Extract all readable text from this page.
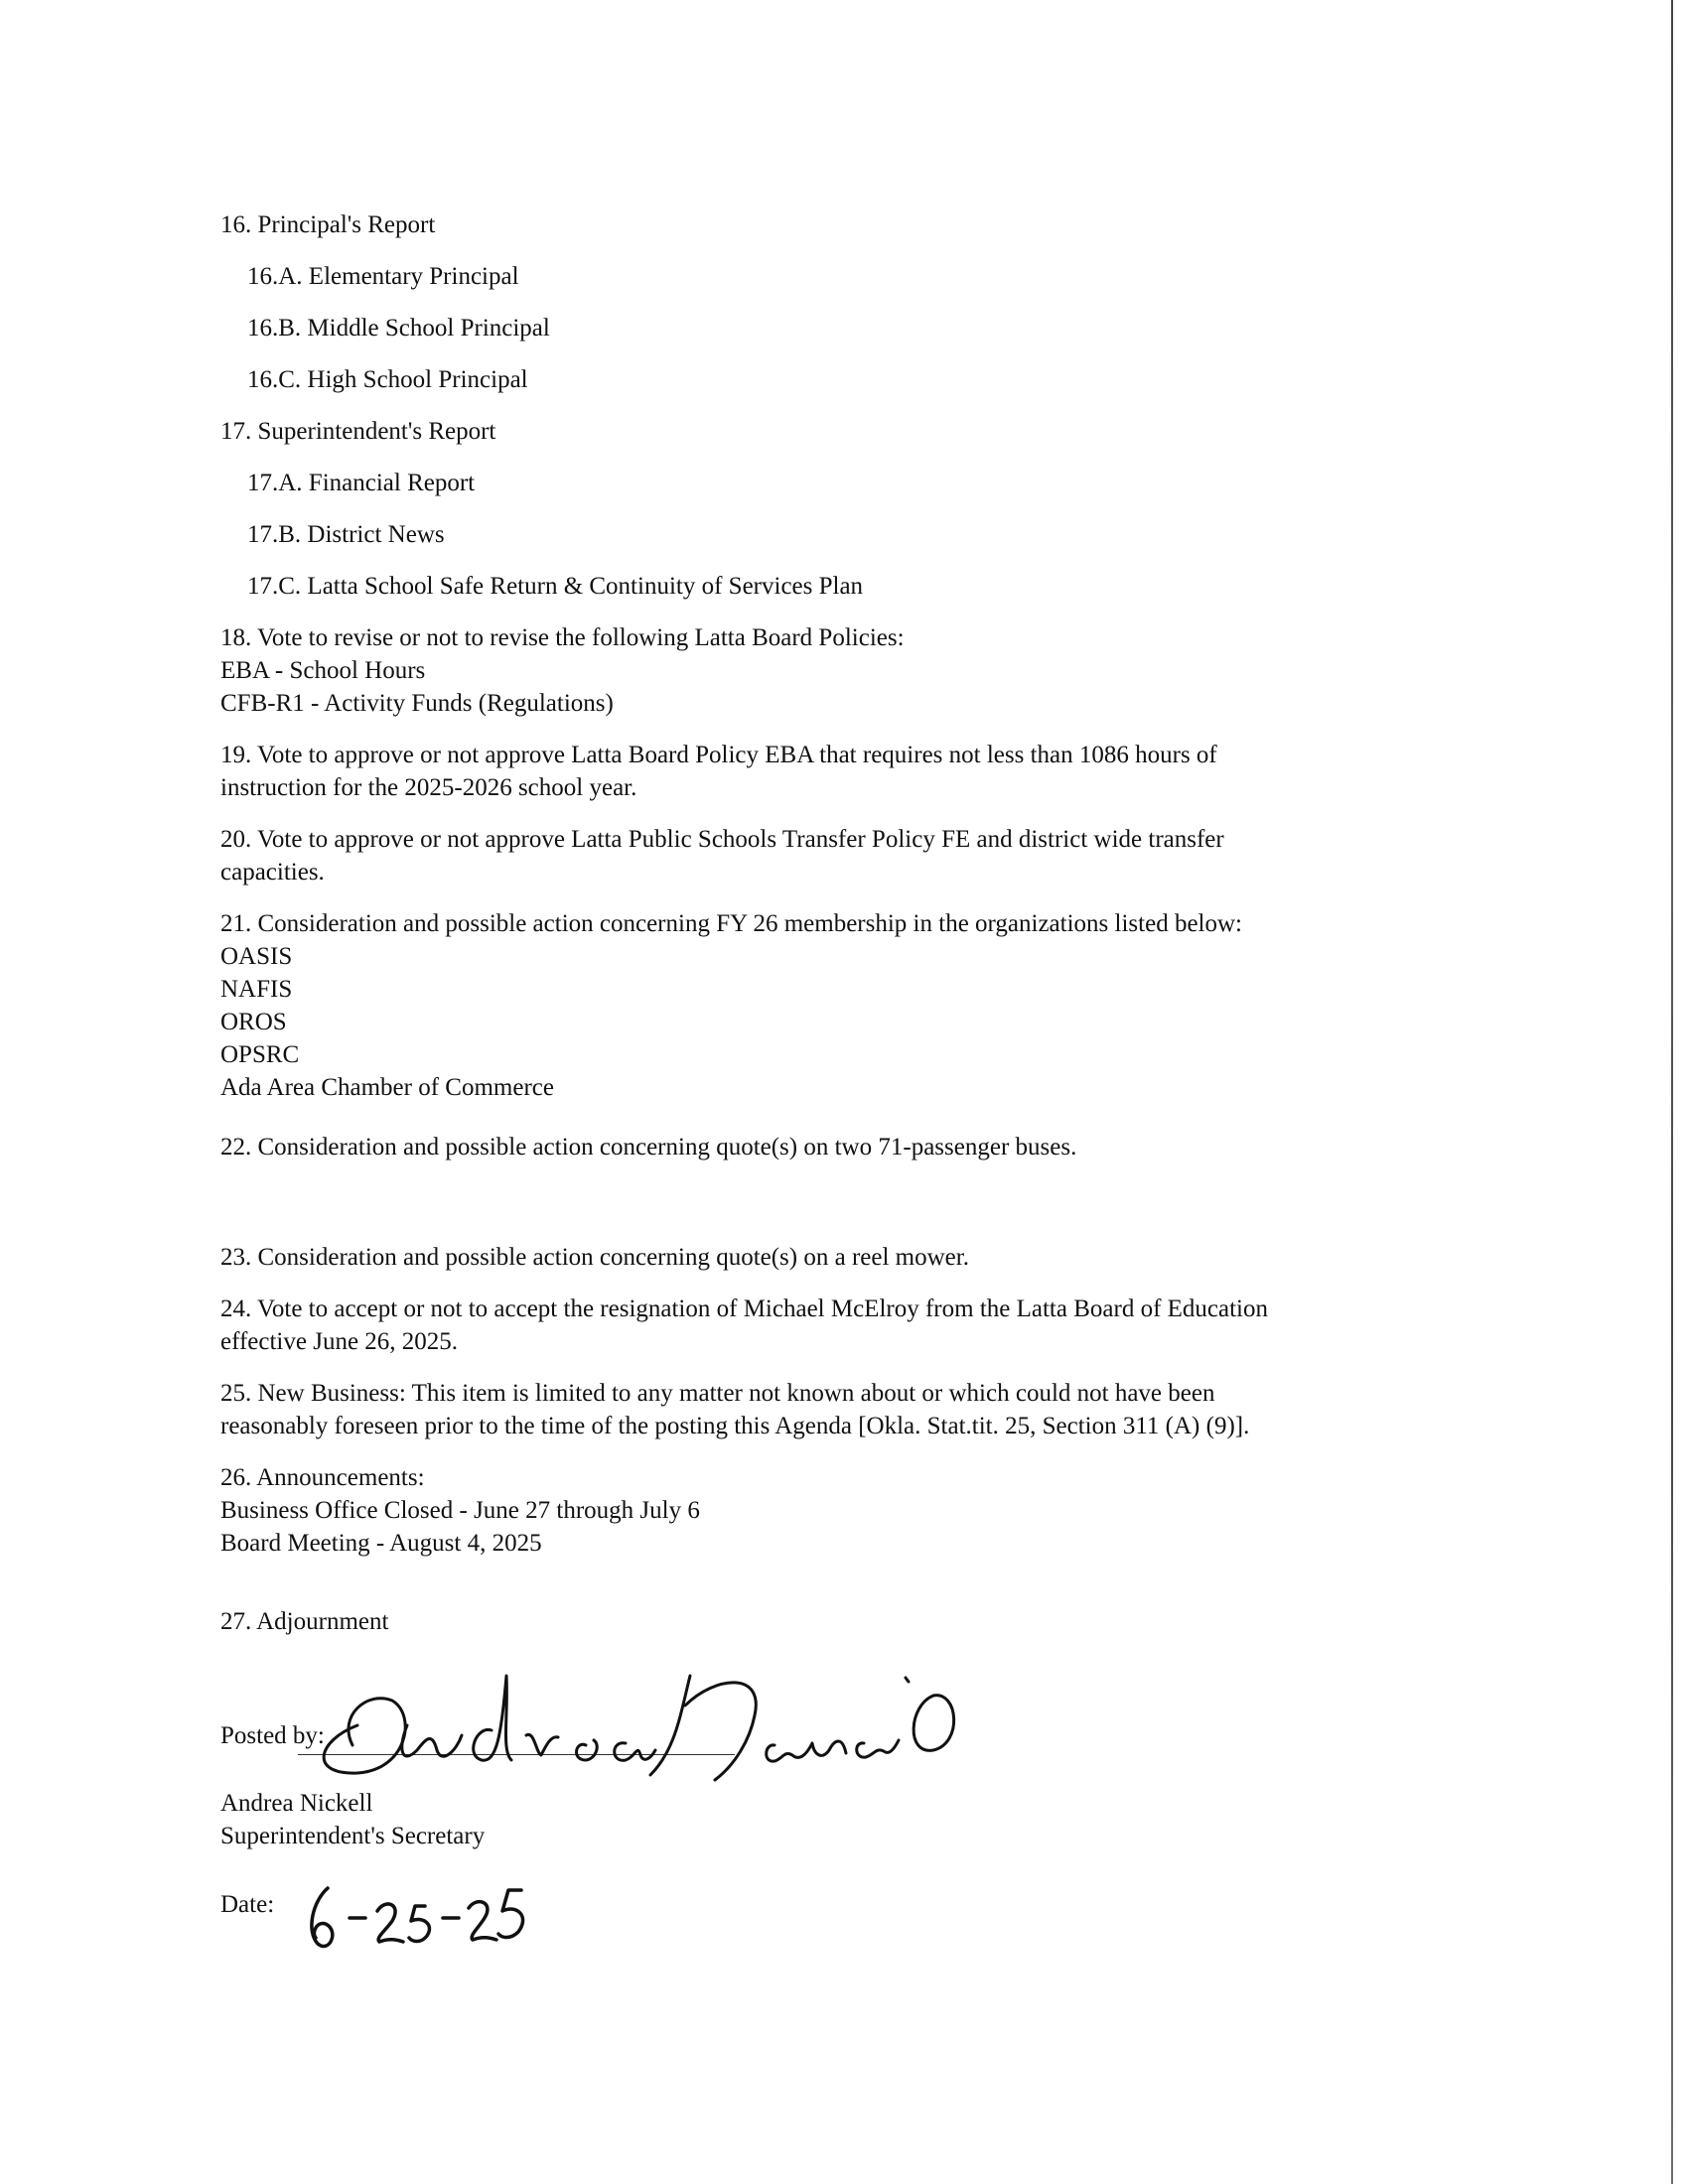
16. Principal's Report

16.A. Elementary Principal

16.B. Middle School Principal

16.C. High School Principal

17. Superintendent's Report

17.A. Financial Report

17.B. District News

17.C. Latta School Safe Return & Continuity of Services Plan

18. Vote to revise or not to revise the following Latta Board Policies:
EBA - School Hours
CFB-R1 - Activity Funds (Regulations)
19. Vote to approve or not approve Latta Board Policy EBA that requires not less than 1086 hours of
instruction for the 2025-2026 school year.
20. Vote to approve or not approve Latta Public Schools Transfer Policy FE and district wide transfer
capacities.
21. Consideration and possible action concerning FY 26 membership in the organizations listed below:
OASIS
NAFIS
OROS
OPSRC
Ada Area Chamber of Commerce

22. Consideration and possible action concerning quote(s) on two 71-passenger buses.

23. Consideration and possible action concerning quote(s) on a reel mower.

24. Vote to accept or not to accept the resignation of Michael McElroy from the Latta Board of Education
effective June 26, 2025.
25. New Business: This item is limited to any matter not known about or which could not have been
reasonably foreseen prior to the time of the posting this Agenda [Okla. Stat.tit. 25, Section 311 (A) (9)].
26. Announcements:
Business Office Closed - June 27 through July 6
Board Meeting - August 4, 2025

27. Adjournment

Posted by:
Andrea Nickell
Superintendent's Secretary
Date:
